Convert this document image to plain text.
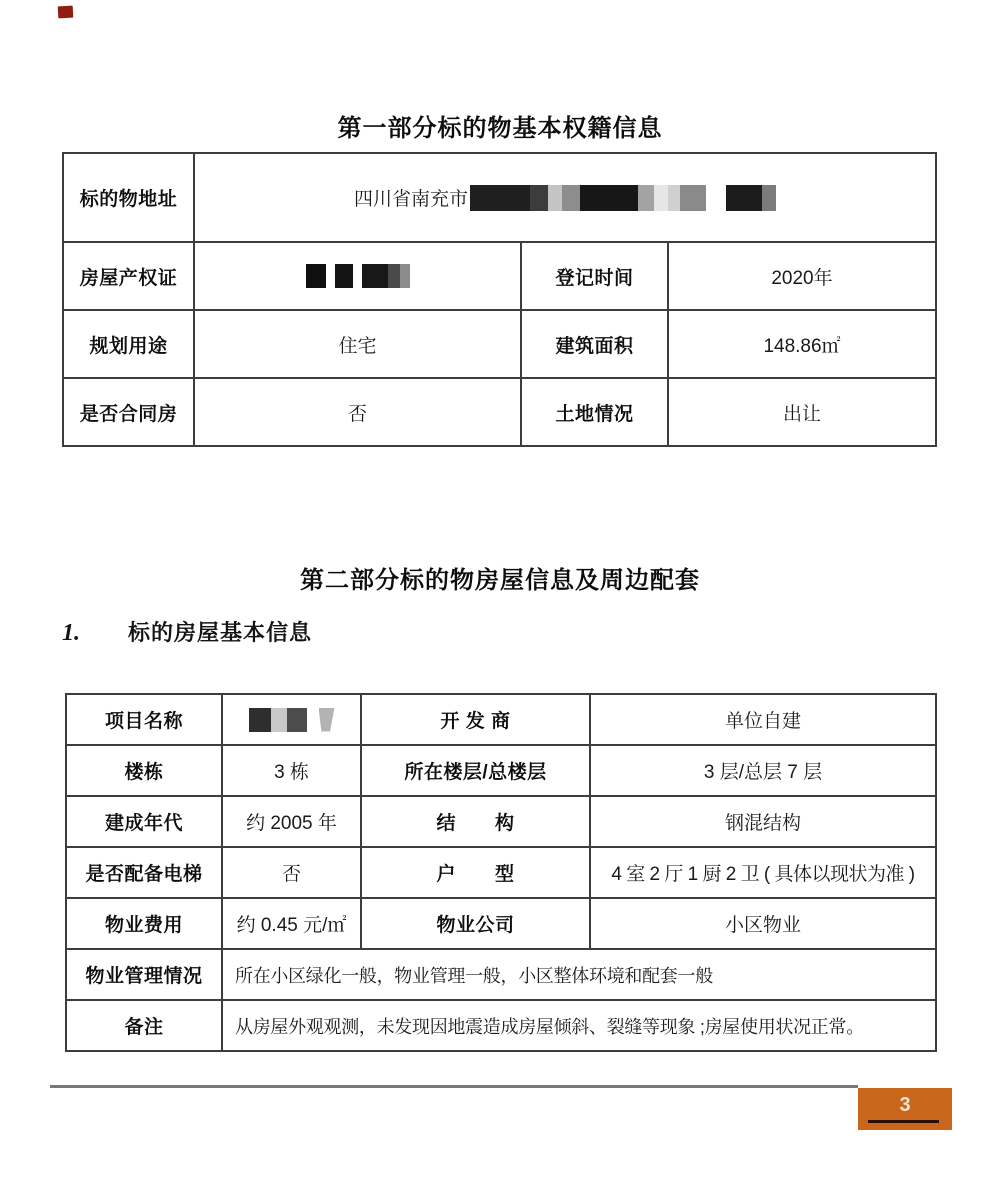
第一部分标的物基本权籍信息
标的物地址	四川省南充市		

房屋产权证		登记时间	2020年
规划用途	住宅	建筑面积	148.86㎡
是否合同房	否	土地情况	出让
第二部分标的物房屋信息及周边配套
1. 标的房屋基本信息
项目名称		开 发 商	单位自建
楼栋	3 栋	所在楼层/总楼层	3 层/总层 7 层
建成年代	约 2005 年	结　　构	钢混结构
是否配备电梯	否	户　　型	4 室 2 厅 1 厨 2 卫 ( 具体以现状为准 )
物业费用	约 0.45 元/㎡	物业公司	小区物业
物业管理情况	所在小区绿化一般，物业管理一般，小区整体环境和配套一般		
备注	从房屋外观观测，未发现因地震造成房屋倾斜、裂缝等现象 ;房屋使用状况正常。		
3
